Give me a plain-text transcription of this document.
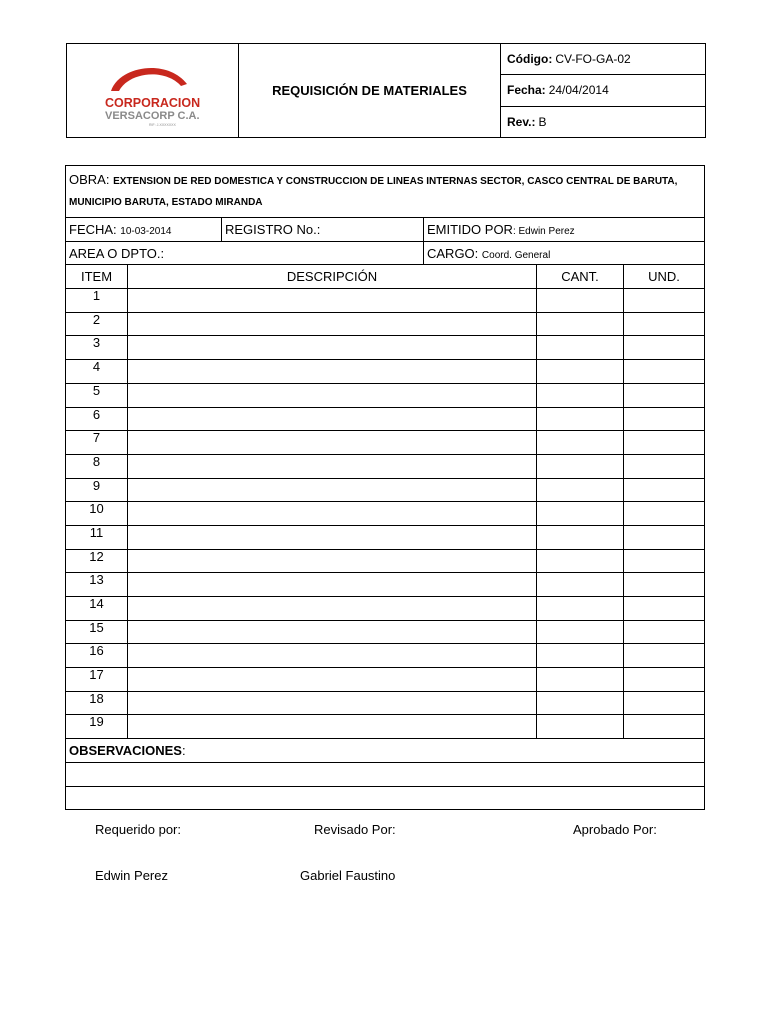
CORPORACION
VERSACORP C.A.
RIF: J-XXXXXXX
REQUISICIÓN DE MATERIALES
Código: CV-FO-GA-02
Fecha: 24/04/2014
Rev.: B
OBRA: EXTENSION DE RED DOMESTICA Y CONSTRUCCION DE LINEAS INTERNAS SECTOR, CASCO CENTRAL DE BARUTA, MUNICIPIO BARUTA, ESTADO MIRANDA					
FECHA: 10-03-2014		REGISTRO No.:	EMITIDO POR: Edwin Perez		
AREA O DPTO.:			CARGO: Coord. General		
ITEM	DESCRIPCIÓN			CANT.	UND.
1					
2					
3					
4					
5					
6					
7					
8					
9					
10					
11					
12					
13					
14					
15					
16					
17					
18					
19					
OBSERVACIONES:					

Requerido por:	Revisado Por:	Aprobado Por:
Edwin Perez	Gabriel Faustino
